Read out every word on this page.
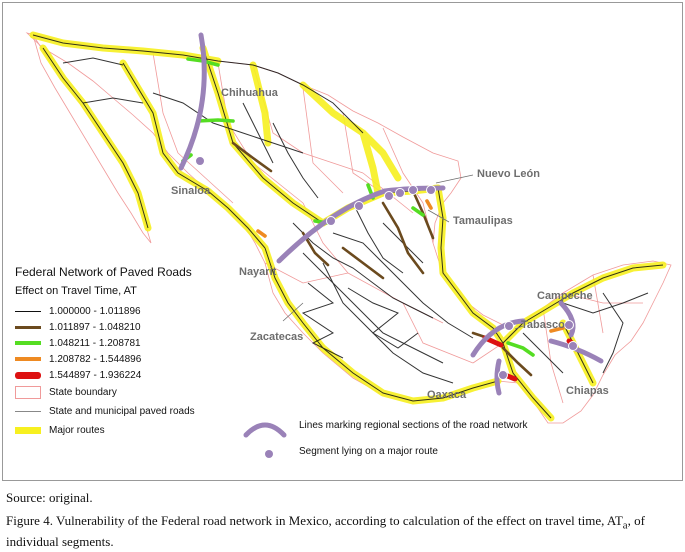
Chihuahua
Sinaloa
Nuevo León
Tamaulipas
Nayarit
Zacatecas
Campeche
Tabasco
Chiapas
Oaxaca
Federal Network of Paved Roads
Effect on Travel Time, AT
1.000000 - 1.011896
1.011897 - 1.048210
1.048211 - 1.208781
1.208782 - 1.544896
1.544897 - 1.936224
State boundary
State and municipal paved roads
Major routes	Lines marking regional sections of the road network
Segment lying on a major route
Source: original.
Figure 4. Vulnerability of the Federal road network in Mexico, according to calculation of the effect on travel time, $AT_a$, of individual segments.
